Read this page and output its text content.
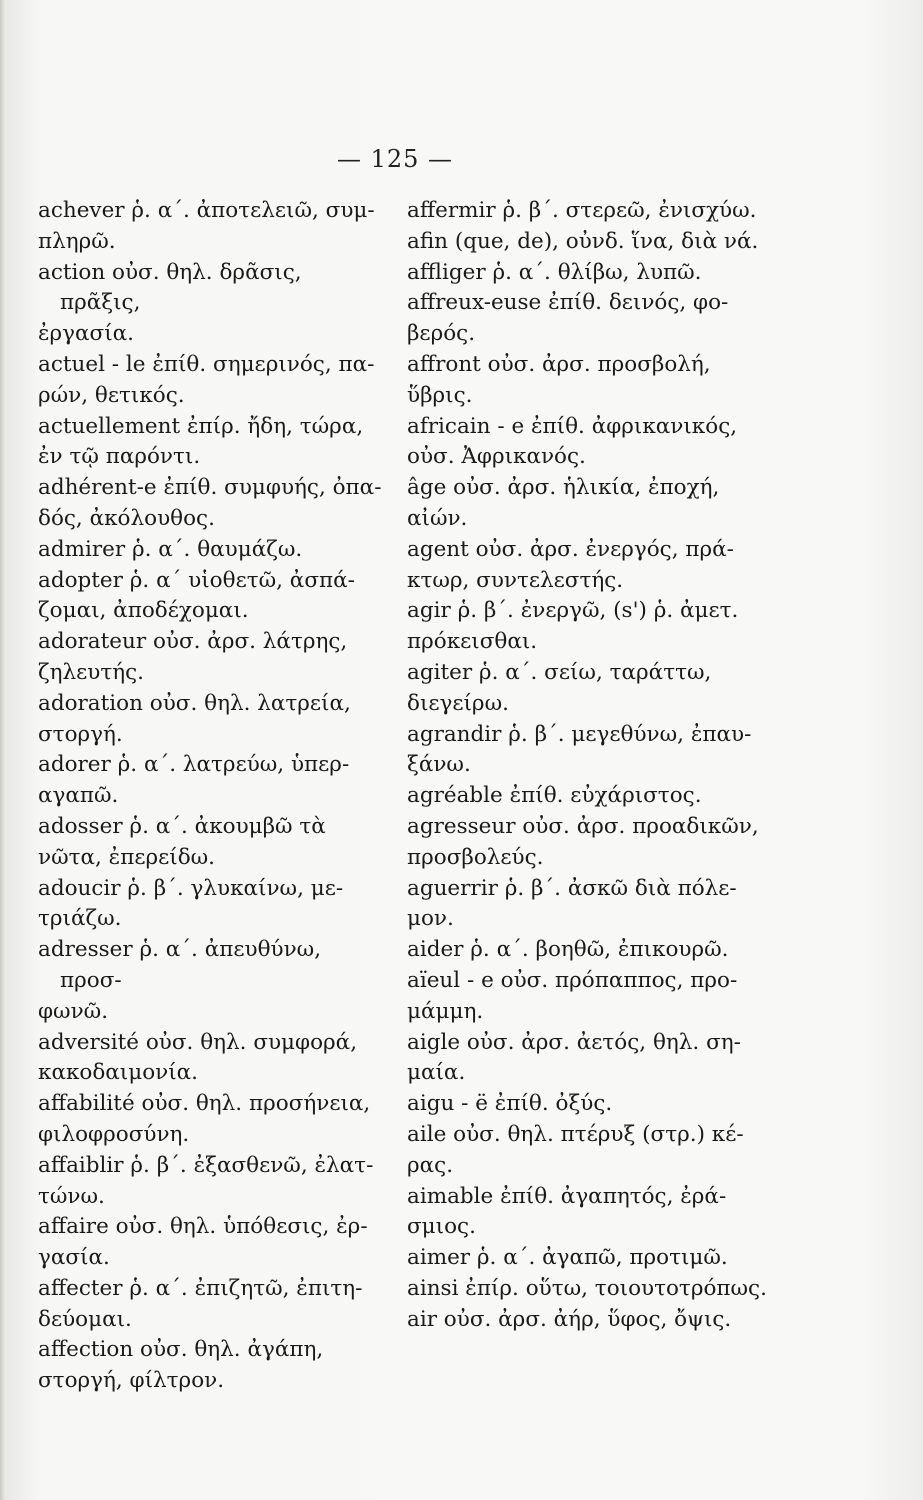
— 125 —
achever ῥ. α΄. ἀποτελειῶ, συμ-
πληρῶ.
action οὐσ. θηλ. δρᾶσις, πρᾶξις,
ἐργασία.
actuel - le ἐπίθ. σημερινός, πα-
ρών, θετικός.
actuellement ἐπίρ. ἤδη, τώρα,
ἐν τῷ παρόντι.
adhérent-e ἐπίθ. συμφυής, ὀπα-
δός, ἀκόλουθος.
admirer ῥ. α΄. θαυμάζω.
adopter ῥ. α΄ υἱοθετῶ, ἀσπά-
ζομαι, ἀποδέχομαι.
adorateur οὐσ. ἀρσ. λάτρης,
ζηλευτής.
adoration οὐσ. θηλ. λατρεία,
στοργή.
adorer ῥ. α΄. λατρεύω, ὑπερ-
αγαπῶ.
adosser ῥ. α΄. ἀκουμβῶ τὰ
νῶτα, ἐπερείδω.
adoucir ῥ. β΄. γλυκαίνω, με-
τριάζω.
adresser ῥ. α΄. ἀπευθύνω, προσ-
φωνῶ.
adversité οὐσ. θηλ. συμφορά,
κακοδαιμονία.
affabilité οὐσ. θηλ. προσήνεια,
φιλοφροσύνη.
affaiblir ῥ. β΄. ἐξασθενῶ, ἐλατ-
τώνω.
affaire οὐσ. θηλ. ὑπόθεσις, ἐρ-
γασία.
affecter ῥ. α΄. ἐπιζητῶ, ἐπιτη-
δεύομαι.
affection οὐσ. θηλ. ἀγάπη,
στοργή, φίλτρον.
affermir ῥ. β΄. στερεῶ, ἐνισχύω.
afin (que, de), οὐνδ. ἵνα, διὰ νά.
affliger ῥ. α΄. θλίβω, λυπῶ.
affreux-euse ἐπίθ. δεινός, φο-
βερός.
affront οὐσ. ἀρσ. προσβολή,
ὕβρις.
africain - e ἐπίθ. ἀφρικανικός,
οὐσ. Ἀφρικανός.
âge οὐσ. ἀρσ. ἡλικία, ἐποχή,
αἰών.
agent οὐσ. ἀρσ. ἐνεργός, πρά-
κτωρ, συντελεστής.
agir ῥ. β΄. ἐνεργῶ, (s') ῥ. ἀμετ.
πρόκεισθαι.
agiter ῥ. α΄. σείω, ταράττω,
διεγείρω.
agrandir ῥ. β΄. μεγεθύνω, ἐπαυ-
ξάνω.
agréable ἐπίθ. εὐχάριστος.
agresseur οὐσ. ἀρσ. προαδικῶν,
προσβολεύς.
aguerrir ῥ. β΄. ἀσκῶ διὰ πόλε-
μον.
aider ῥ. α΄. βοηθῶ, ἐπικουρῶ.
aïeul - e οὐσ. πρόπαππος, προ-
μάμμη.
aigle οὐσ. ἀρσ. ἀετός, θηλ. ση-
μαία.
aigu - ë ἐπίθ. ὀξύς.
aile οὐσ. θηλ. πτέρυξ (στρ.) κέ-
ρας.
aimable ἐπίθ. ἀγαπητός, ἐρά-
σμιος.
aimer ῥ. α΄. ἀγαπῶ, προτιμῶ.
ainsi ἐπίρ. οὕτω, τοιουτοτρόπως.
air οὐσ. ἀρσ. ἀήρ, ὕφος, ὄψις.
